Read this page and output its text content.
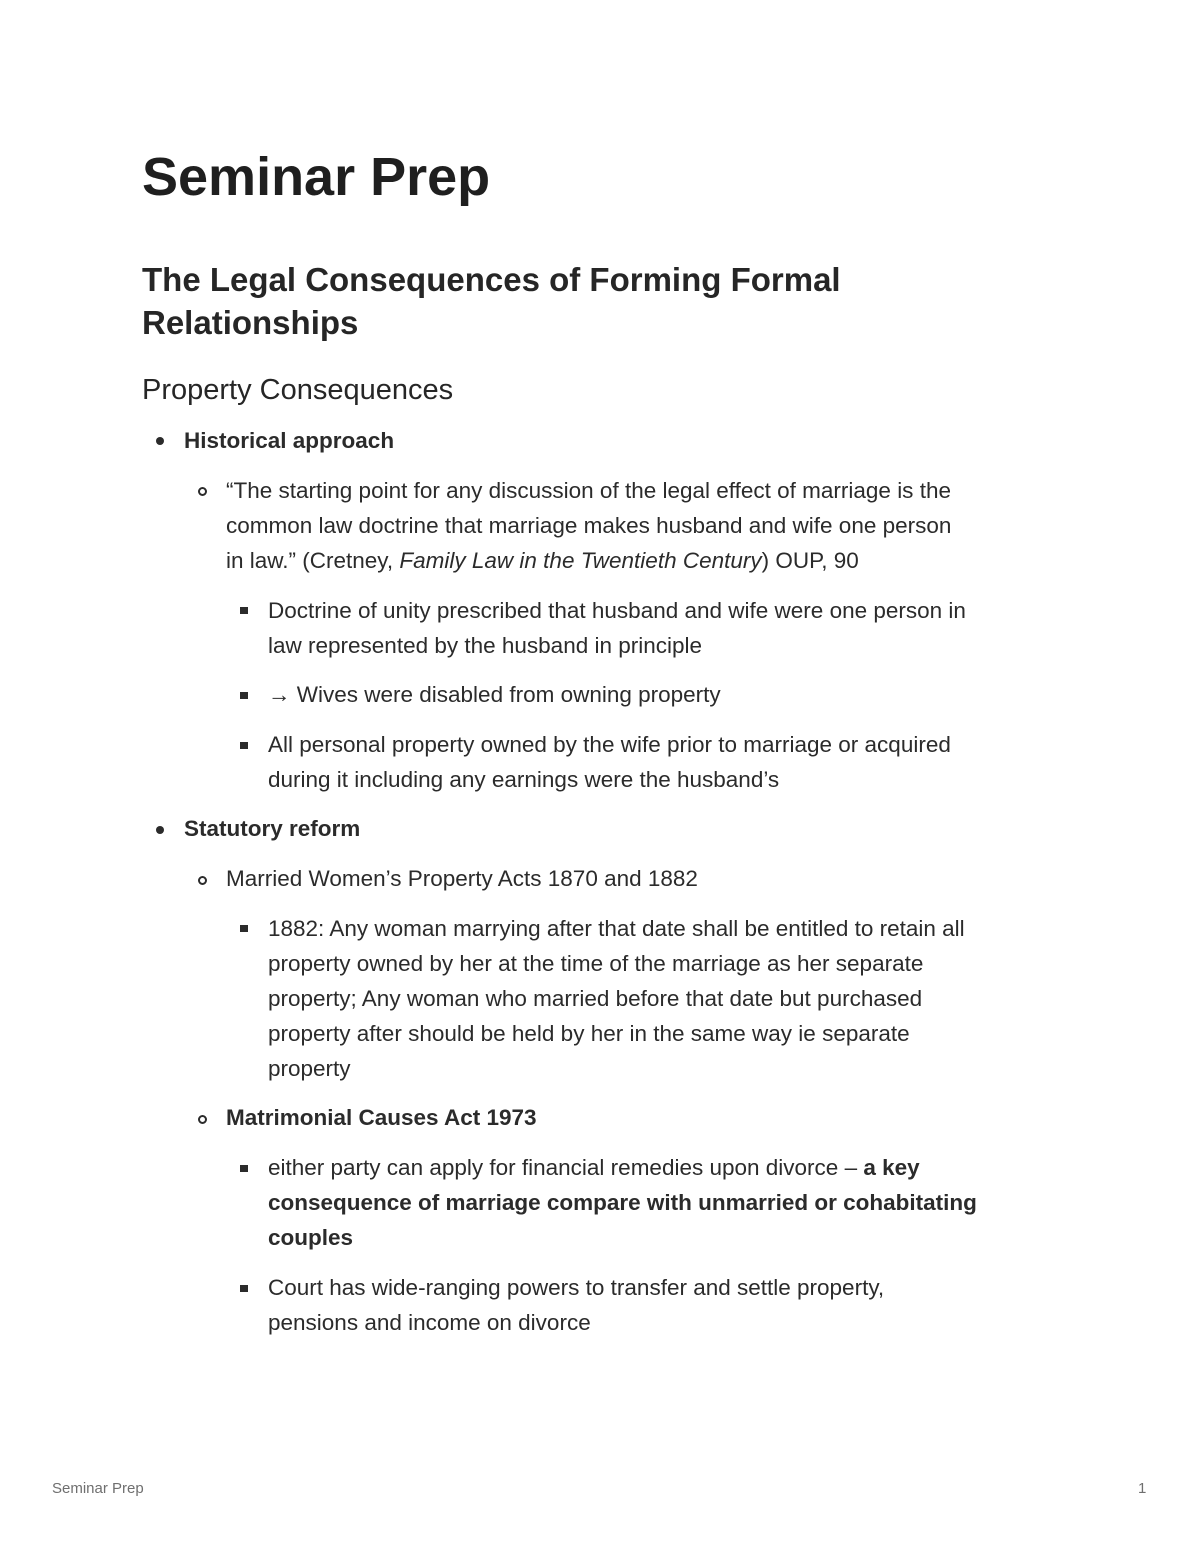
Seminar Prep
The Legal Consequences of Forming Formal Relationships
Property Consequences
Historical approach
“The starting point for any discussion of the legal effect of marriage is the
common law doctrine that marriage makes husband and wife one person
in law.” (Cretney, Family Law in the Twentieth Century) OUP, 90
Doctrine of unity prescribed that husband and wife were one person in
law represented by the husband in principle
→ Wives were disabled from owning property
All personal property owned by the wife prior to marriage or acquired
during it including any earnings were the husband’s
Statutory reform
Married Women’s Property Acts 1870 and 1882
1882: Any woman marrying after that date shall be entitled to retain all
property owned by her at the time of the marriage as her separate
property; Any woman who married before that date but purchased
property after should be held by her in the same way ie separate
property
Matrimonial Causes Act 1973
either party can apply for financial remedies upon divorce – a key
consequence of marriage compare with unmarried or cohabitating
couples
Court has wide-ranging powers to transfer and settle property,
pensions and income on divorce
Seminar Prep	1
